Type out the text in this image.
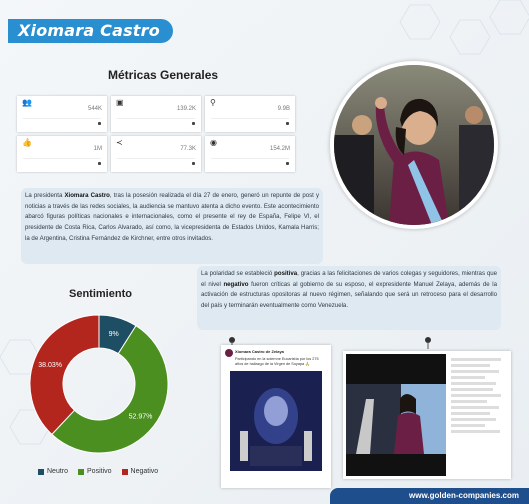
Xiomara Castro
Métricas Generales
👥
544K
▣
139.2K
⚲
9.9B
👍
1M
≺
77.3K
◉
154.2M
La presidenta Xiomara Castro, tras la posesión realizada el día 27 de enero, generó un repunte de post y noticias a través de las redes sociales, la audiencia se mantuvo atenta a dicho evento. Este acontecimiento abarcó figuras políticas nacionales e internacionales, como el presente el rey de España, Felipe VI, el presidente de Costa Rica, Carlos Alvarado, así como, la vicepresidenta de Estados Unidos, Kamala Harris; la de Argentina, Cristina Fernández de Kirchner, entre otros invitados.
La polaridad se estableció positiva, gracias a las felicitaciones de varios colegas y seguidores, mientras que el nivel negativo fueron críticas al gobierno de su esposo, el expresidente Manuel Zelaya, además de la activación de estructuras opositoras al nuevo régimen, señalando que será un retroceso para el desarrollo del país y terminarán eventualmente como Venezuela.
Sentimiento
9%
52.97%
38.03%
Neutro	Positivo	Negativo
Xiomara Castro de Zelaya
Participando en la solemne Eucaristía por los 275 años de hallazgo de la Virgen de Suyapa 🙏
www.golden-companies.com
